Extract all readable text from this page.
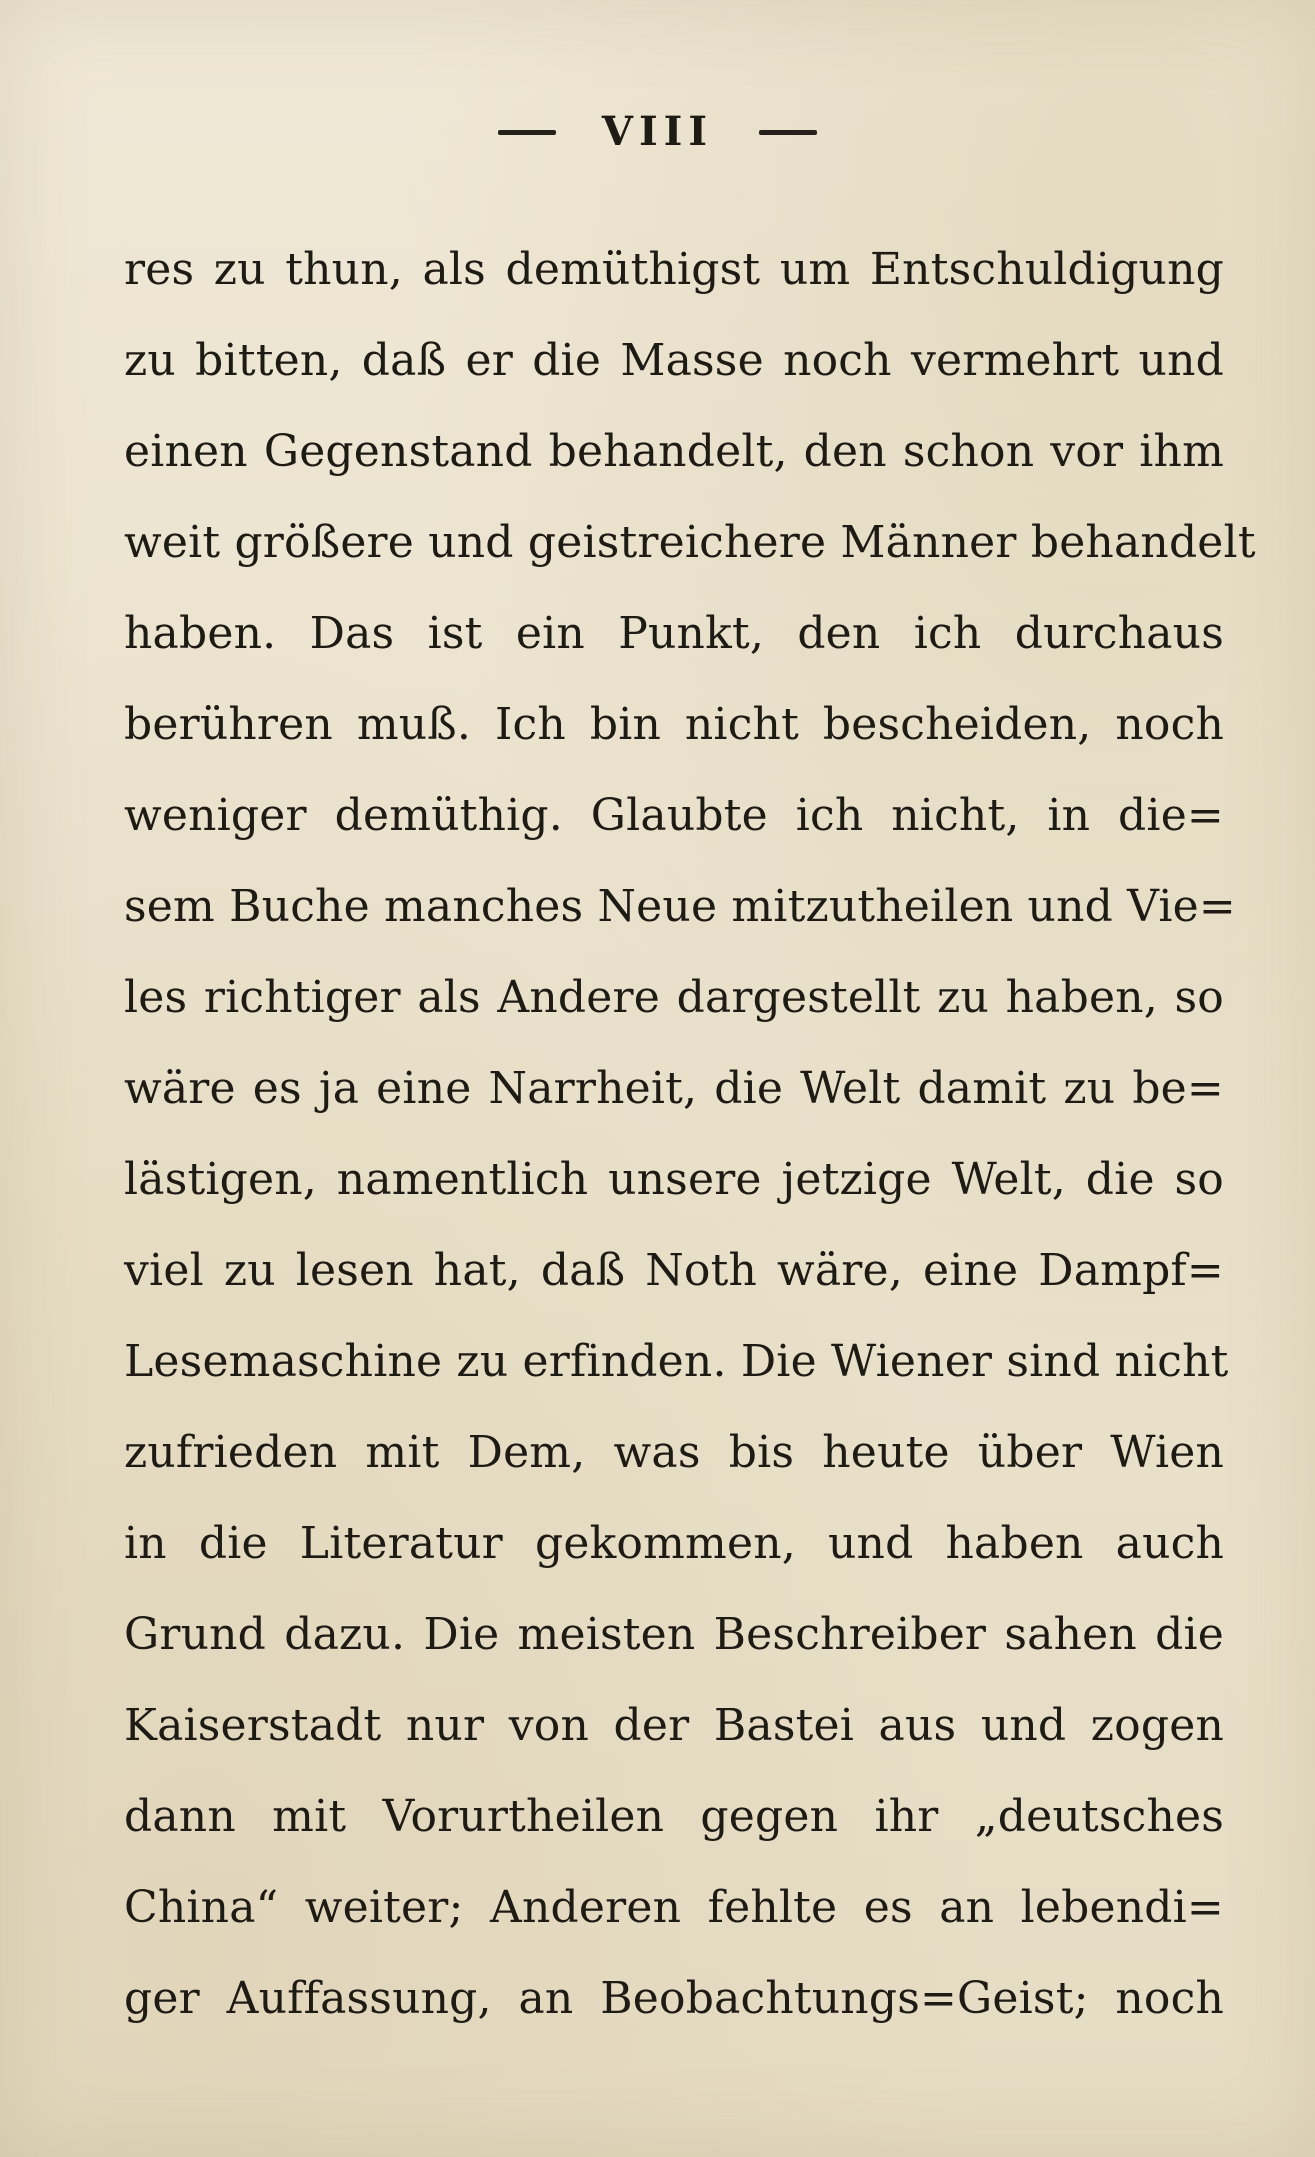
VIII
res zu thun, als demüthigst um Entschuldigung
zu bitten, daß er die Masse noch vermehrt und
einen Gegenstand behandelt, den schon vor ihm
weit größere und geistreichere Männer behandelt
haben. Das ist ein Punkt, den ich durchaus
berühren muß. Ich bin nicht bescheiden, noch
weniger demüthig. Glaubte ich nicht, in die=
sem Buche manches Neue mitzutheilen und Vie=
les richtiger als Andere dargestellt zu haben, so
wäre es ja eine Narrheit, die Welt damit zu be=
lästigen, namentlich unsere jetzige Welt, die so
viel zu lesen hat, daß Noth wäre, eine Dampf=
Lesemaschine zu erfinden. Die Wiener sind nicht
zufrieden mit Dem, was bis heute über Wien
in die Literatur gekommen, und haben auch
Grund dazu. Die meisten Beschreiber sahen die
Kaiserstadt nur von der Bastei aus und zogen
dann mit Vorurtheilen gegen ihr „deutsches
China“ weiter; Anderen fehlte es an lebendi=
ger Auffassung, an Beobachtungs=Geist; noch
